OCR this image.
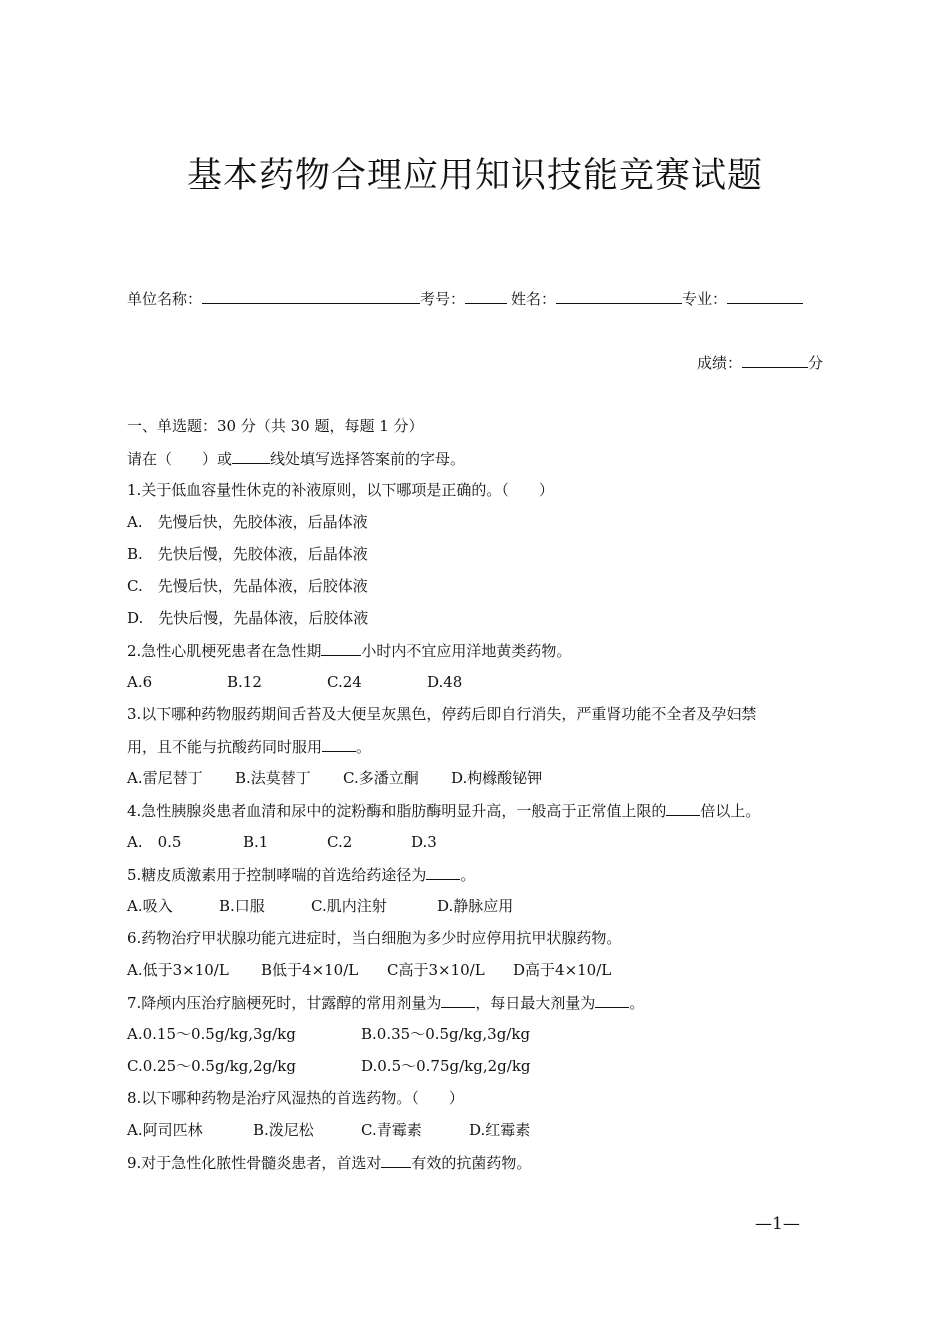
基本药物合理应用知识技能竞赛试题
单位名称：	考号：	姓名：	专业：
成绩：	分
一、单选题：30 分（共 30 题，每题 1 分）
请在（　　）或	线处填写选择答案前的字母。
1.关于低血容量性休克的补液原则，以下哪项是正确的。（　　）
A.　先慢后快，先胶体液，后晶体液
B.　先快后慢，先胶体液，后晶体液
C.　先慢后快，先晶体液，后胶体液
D.　先快后慢，先晶体液，后胶体液
2.急性心肌梗死患者在急性期	小时内不宜应用洋地黄类药物。
A.6	B.12	C.24	D.48
3.以下哪种药物服药期间舌苔及大便呈灰黑色，停药后即自行消失，严重肾功能不全者及孕妇禁
用，且不能与抗酸药同时服用 。
A.雷尼替丁 B.法莫替丁 C.多潘立酮 D.枸橼酸铋钾
4.急性胰腺炎患者血清和尿中的淀粉酶和脂肪酶明显升高，一般高于正常值上限的 倍以上。
A.　0.5	B.1	C.2	D.3
5.糖皮质激素用于控制哮喘的首选给药途径为 。
A.吸入	B.口服	C.肌内注射	D.静脉应用
6.药物治疗甲状腺功能亢进症时，当白细胞为多少时应停用抗甲状腺药物。
A.低于3×10/L B低于4×10/L C高于3×10/L D高于4×10/L
7.降颅内压治疗脑梗死时，甘露醇的常用剂量为 ，每日最大剂量为 。
A.0.15～0.5g/kg,3g/kg	B.0.35～0.5g/kg,3g/kg
C.0.25～0.5g/kg,2g/kg	D.0.5～0.75g/kg,2g/kg
8.以下哪种药物是治疗风湿热的首选药物。（　　）
A.阿司匹林	B.泼尼松	C.青霉素	D.红霉素
9.对于急性化脓性骨髓炎患者，首选对 有效的抗菌药物。
—1—
